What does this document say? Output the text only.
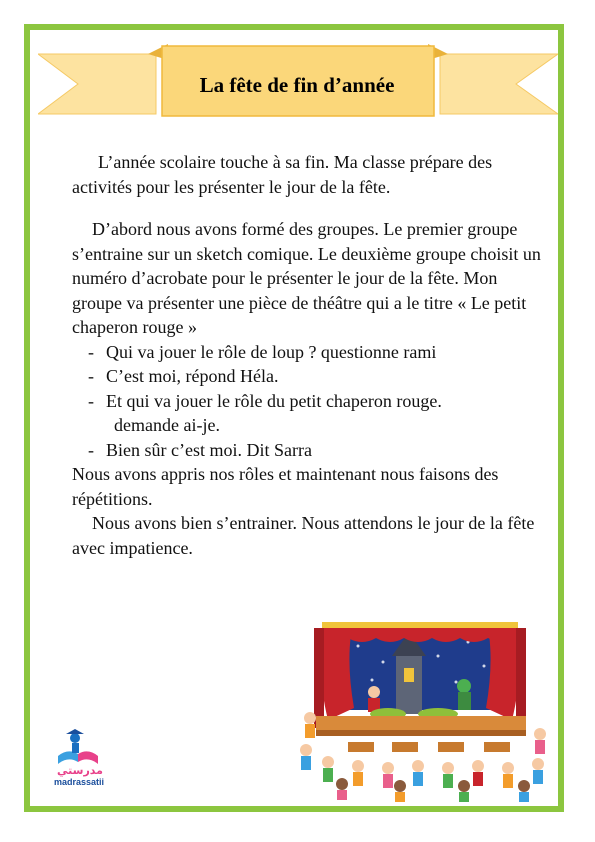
La fête de fin d’année

L’année scolaire touche à sa fin. Ma classe prépare des activités pour les présenter le jour de la fête.

D’abord nous avons formé des groupes. Le premier groupe s’entraine sur un sketch comique. Le deuxième groupe choisit un numéro d’acrobate pour le présenter le jour de la fête. Mon groupe va présenter une pièce de théâtre qui a le titre « Le petit chaperon rouge »

- Qui va jouer le rôle de loup ? questionne rami
- C’est moi, répond Héla.
- Et qui va jouer le rôle du petit chaperon rouge.
demande ai-je.
- Bien sûr c’est moi. Dit Sarra

Nous avons appris nos rôles et maintenant nous faisons des répétitions.

Nous avons bien s’entrainer. Nous attendons le jour de la fête avec impatience.

مدرستي
madrassatii
